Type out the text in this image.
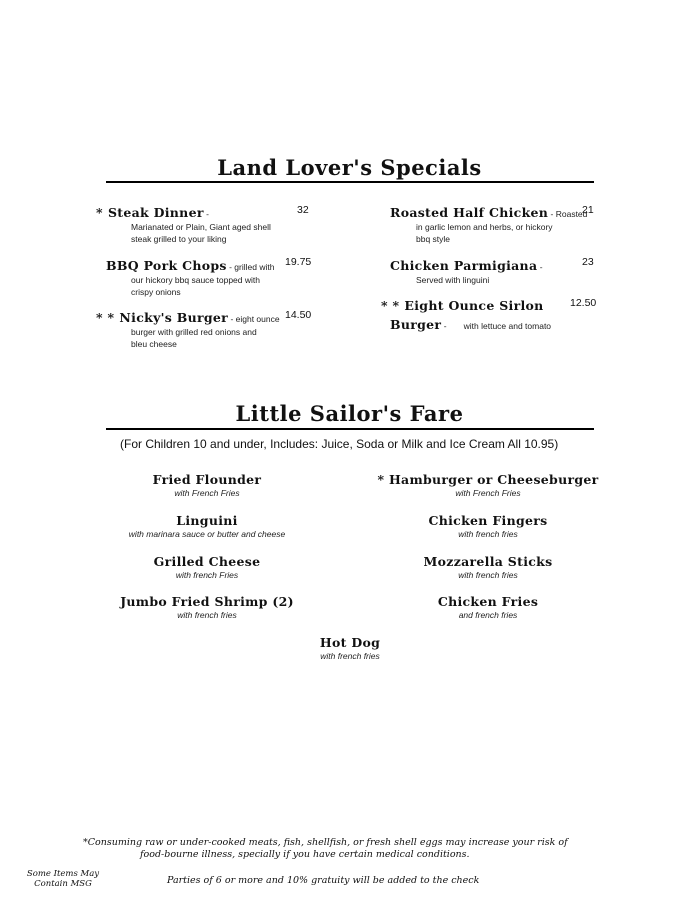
Land Lover's Specials
* Steak Dinner -
Marianated or Plain, Giant aged shell steak grilled to your liking
32
BBQ Pork Chops - grilled with
our hickory bbq sauce topped with crispy onions
19.75
* * Nicky's Burger - eight ounce
burger with grilled red onions and bleu cheese
14.50
Roasted Half Chicken - Roasted
in garlic lemon and herbs, or hickory bbq style
21
Chicken Parmigiana -
Served with linguini
23
* * Eight Ounce Sirlon
Burger - with lettuce and tomato
12.50
Little Sailor's Fare
(For Children 10 and under, Includes: Juice, Soda or Milk and Ice Cream All 10.95)
Fried Flounder
with French Fries
* Hamburger or Cheeseburger
with French Fries
Linguini
with marinara sauce or butter and cheese
Chicken Fingers
with french fries
Grilled Cheese
with french Fries
Mozzarella Sticks
with french fries
Jumbo Fried Shrimp (2)
with french fries
Chicken Fries
and french fries
Hot Dog
with french fries
*Consuming raw or under-cooked meats, fish, shellfish, or fresh shell eggs may increase your risk of
food-bourne illness, specially if you have certain medical conditions.
Some Items May
Contain MSG	Parties of 6 or more and 10% gratuity will be added to the check
